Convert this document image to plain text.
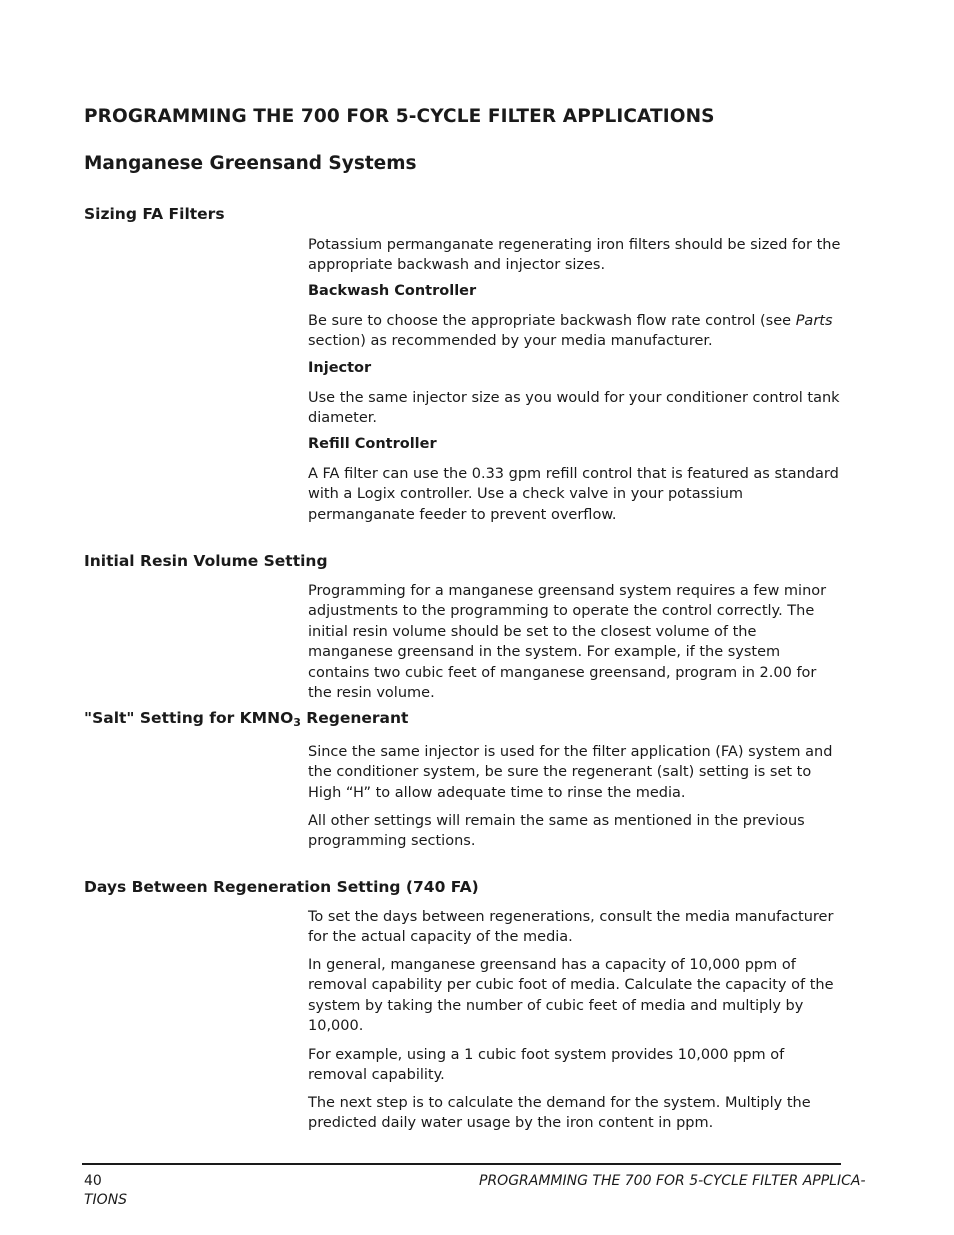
PROGRAMMING THE 700 FOR 5-CYCLE FILTER APPLICATIONS
Manganese Greensand Systems
Sizing FA Filters

Potassium permanganate regenerating iron filters should be sized for the appropriate backwash and injector sizes.

Backwash Controller

Be sure to choose the appropriate backwash flow rate control (see Parts section) as recommended by your media manufacturer.

Injector

Use the same injector size as you would for your conditioner control tank diameter.

Refill Controller

A FA filter can use the 0.33 gpm refill control that is featured as standard with a Logix controller. Use a check valve in your potassium permanganate feeder to prevent overflow.

Initial Resin Volume Setting

Programming for a manganese greensand system requires a few minor adjustments to the programming to operate the control correctly. The initial resin volume should be set to the closest volume of the manganese greensand in the system. For example, if the system contains two cubic feet of manganese greensand, program in 2.00 for the resin volume.

"Salt" Setting for $KMNO_3$ Regenerant

Since the same injector is used for the filter application (FA) system and the conditioner system, be sure the regenerant (salt) setting is set to High “H” to allow adequate time to rinse the media.

All other settings will remain the same as mentioned in the previous programming sections.

Days Between Regeneration Setting (740 FA)

To set the days between regenerations, consult the media manufacturer for the actual capacity of the media.

In general, manganese greensand has a capacity of 10,000 ppm of removal capability per cubic foot of media. Calculate the capacity of the system by taking the number of cubic feet of media and multiply by 10,000.

For example, using a 1 cubic foot system provides 10,000 ppm of removal capability.

The next step is to calculate the demand for the system. Multiply the predicted daily water usage by the iron content in ppm.

40	PROGRAMMING THE 700 FOR 5-CYCLE FILTER APPLICA-
TIONS
